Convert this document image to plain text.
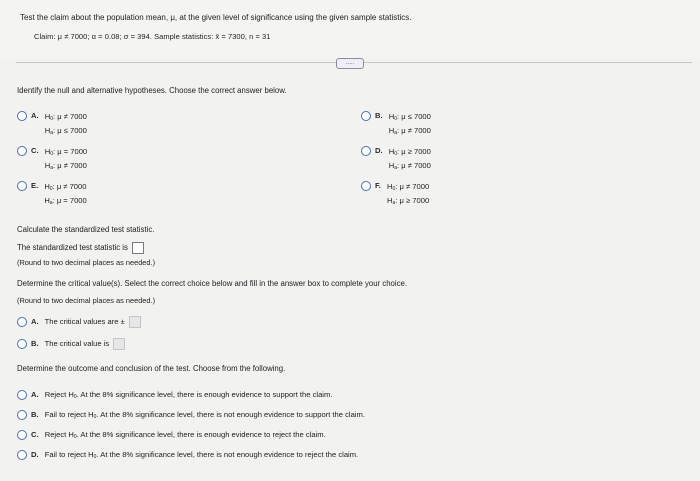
Test the claim about the population mean, μ, at the given level of significance using the given sample statistics.
Claim: μ ≠ 7000; α = 0.08; σ = 394. Sample statistics: x̄ = 7300, n = 31
.....
Identify the null and alternative hypotheses. Choose the correct answer below.
A. $H_0$: μ ≠ 7000
$H_a$: μ ≤ 7000
B. $H_0$: μ ≤ 7000
$H_a$: μ ≠ 7000
C. $H_0$: μ = 7000
$H_a$: μ ≠ 7000
D. $H_0$: μ ≥ 7000
$H_a$: μ ≠ 7000
E. $H_0$: μ ≠ 7000
$H_a$: μ = 7000
F. $H_0$: μ ≠ 7000
$H_a$: μ ≥ 7000
Calculate the standardized test statistic.
The standardized test statistic is
(Round to two decimal places as needed.)
Determine the critical value(s). Select the correct choice below and fill in the answer box to complete your choice.
(Round to two decimal places as needed.)
A. The critical values are ±
B. The critical value is
Determine the outcome and conclusion of the test. Choose from the following.
A. Reject $H_0$. At the 8% significance level, there is enough evidence to support the claim.
B. Fail to reject $H_0$. At the 8% significance level, there is not enough evidence to support the claim.
C. Reject $H_0$. At the 8% significance level, there is enough evidence to reject the claim.
D. Fail to reject $H_0$. At the 8% significance level, there is not enough evidence to reject the claim.
